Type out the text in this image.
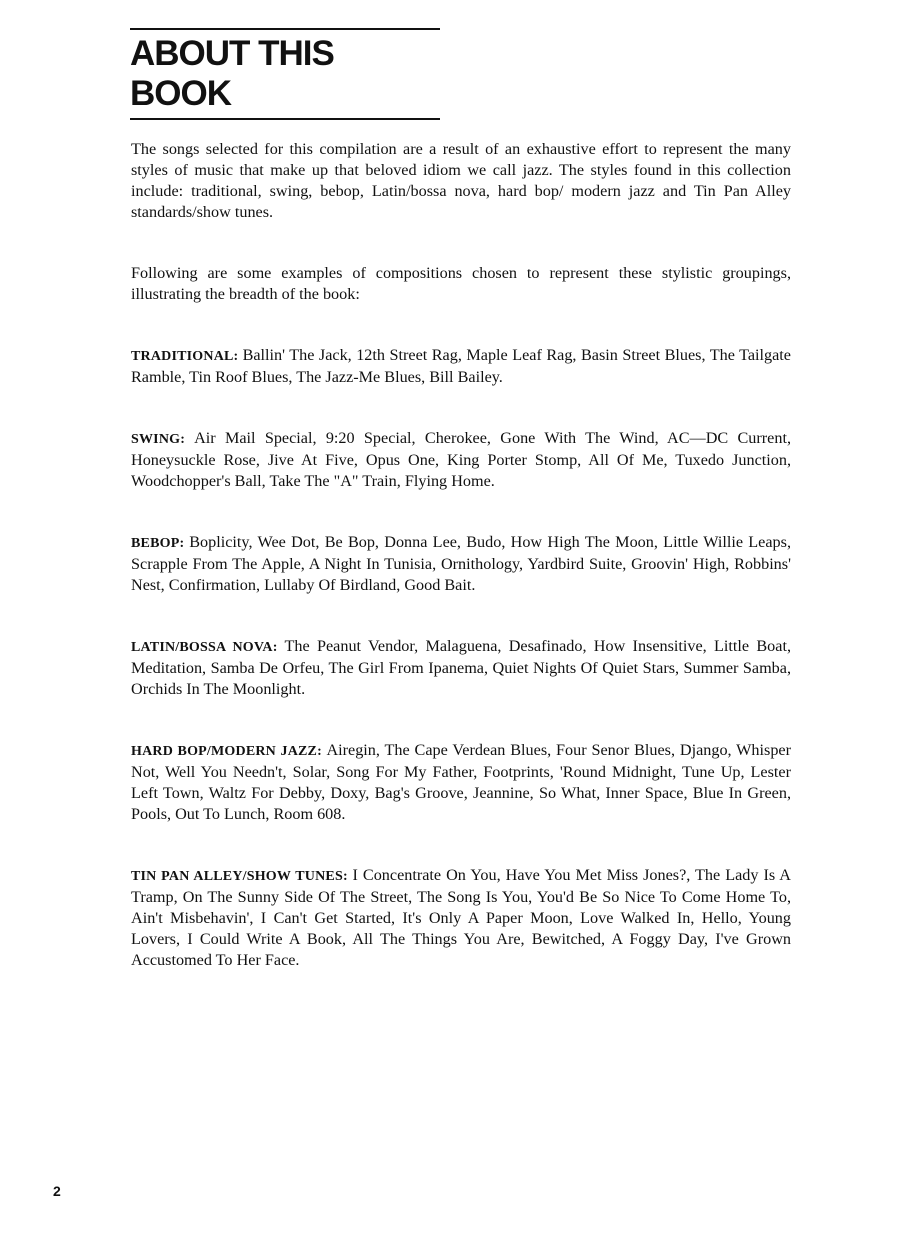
ABOUT THIS BOOK

The songs selected for this compilation are a result of an exhaustive effort to represent the many styles of music that make up that beloved idiom we call jazz. The styles found in this collection include: traditional, swing, bebop, Latin/bossa nova, hard bop/ modern jazz and Tin Pan Alley standards/show tunes.

Following are some examples of compositions chosen to represent these stylistic groupings, illustrating the breadth of the book:

TRADITIONAL: Ballin' The Jack, 12th Street Rag, Maple Leaf Rag, Basin Street Blues, The Tailgate Ramble, Tin Roof Blues, The Jazz-Me Blues, Bill Bailey.

SWING: Air Mail Special, 9:20 Special, Cherokee, Gone With The Wind, AC—DC Current, Honeysuckle Rose, Jive At Five, Opus One, King Porter Stomp, All Of Me, Tuxedo Junction, Woodchopper's Ball, Take The "A" Train, Flying Home.

BEBOP: Boplicity, Wee Dot, Be Bop, Donna Lee, Budo, How High The Moon, Little Willie Leaps, Scrapple From The Apple, A Night In Tunisia, Ornithology, Yardbird Suite, Groovin' High, Robbins' Nest, Confirmation, Lullaby Of Birdland, Good Bait.

LATIN/BOSSA NOVA: The Peanut Vendor, Malaguena, Desafinado, How Insensitive, Little Boat, Meditation, Samba De Orfeu, The Girl From Ipanema, Quiet Nights Of Quiet Stars, Summer Samba, Orchids In The Moonlight.

HARD BOP/MODERN JAZZ: Airegin, The Cape Verdean Blues, Four Senor Blues, Django, Whisper Not, Well You Needn't, Solar, Song For My Father, Footprints, 'Round Midnight, Tune Up, Lester Left Town, Waltz For Debby, Doxy, Bag's Groove, Jeannine, So What, Inner Space, Blue In Green, Pools, Out To Lunch, Room 608.

TIN PAN ALLEY/SHOW TUNES: I Concentrate On You, Have You Met Miss Jones?, The Lady Is A Tramp, On The Sunny Side Of The Street, The Song Is You, You'd Be So Nice To Come Home To, Ain't Misbehavin', I Can't Get Started, It's Only A Paper Moon, Love Walked In, Hello, Young Lovers, I Could Write A Book, All The Things You Are, Bewitched, A Foggy Day, I've Grown Accustomed To Her Face.

2
